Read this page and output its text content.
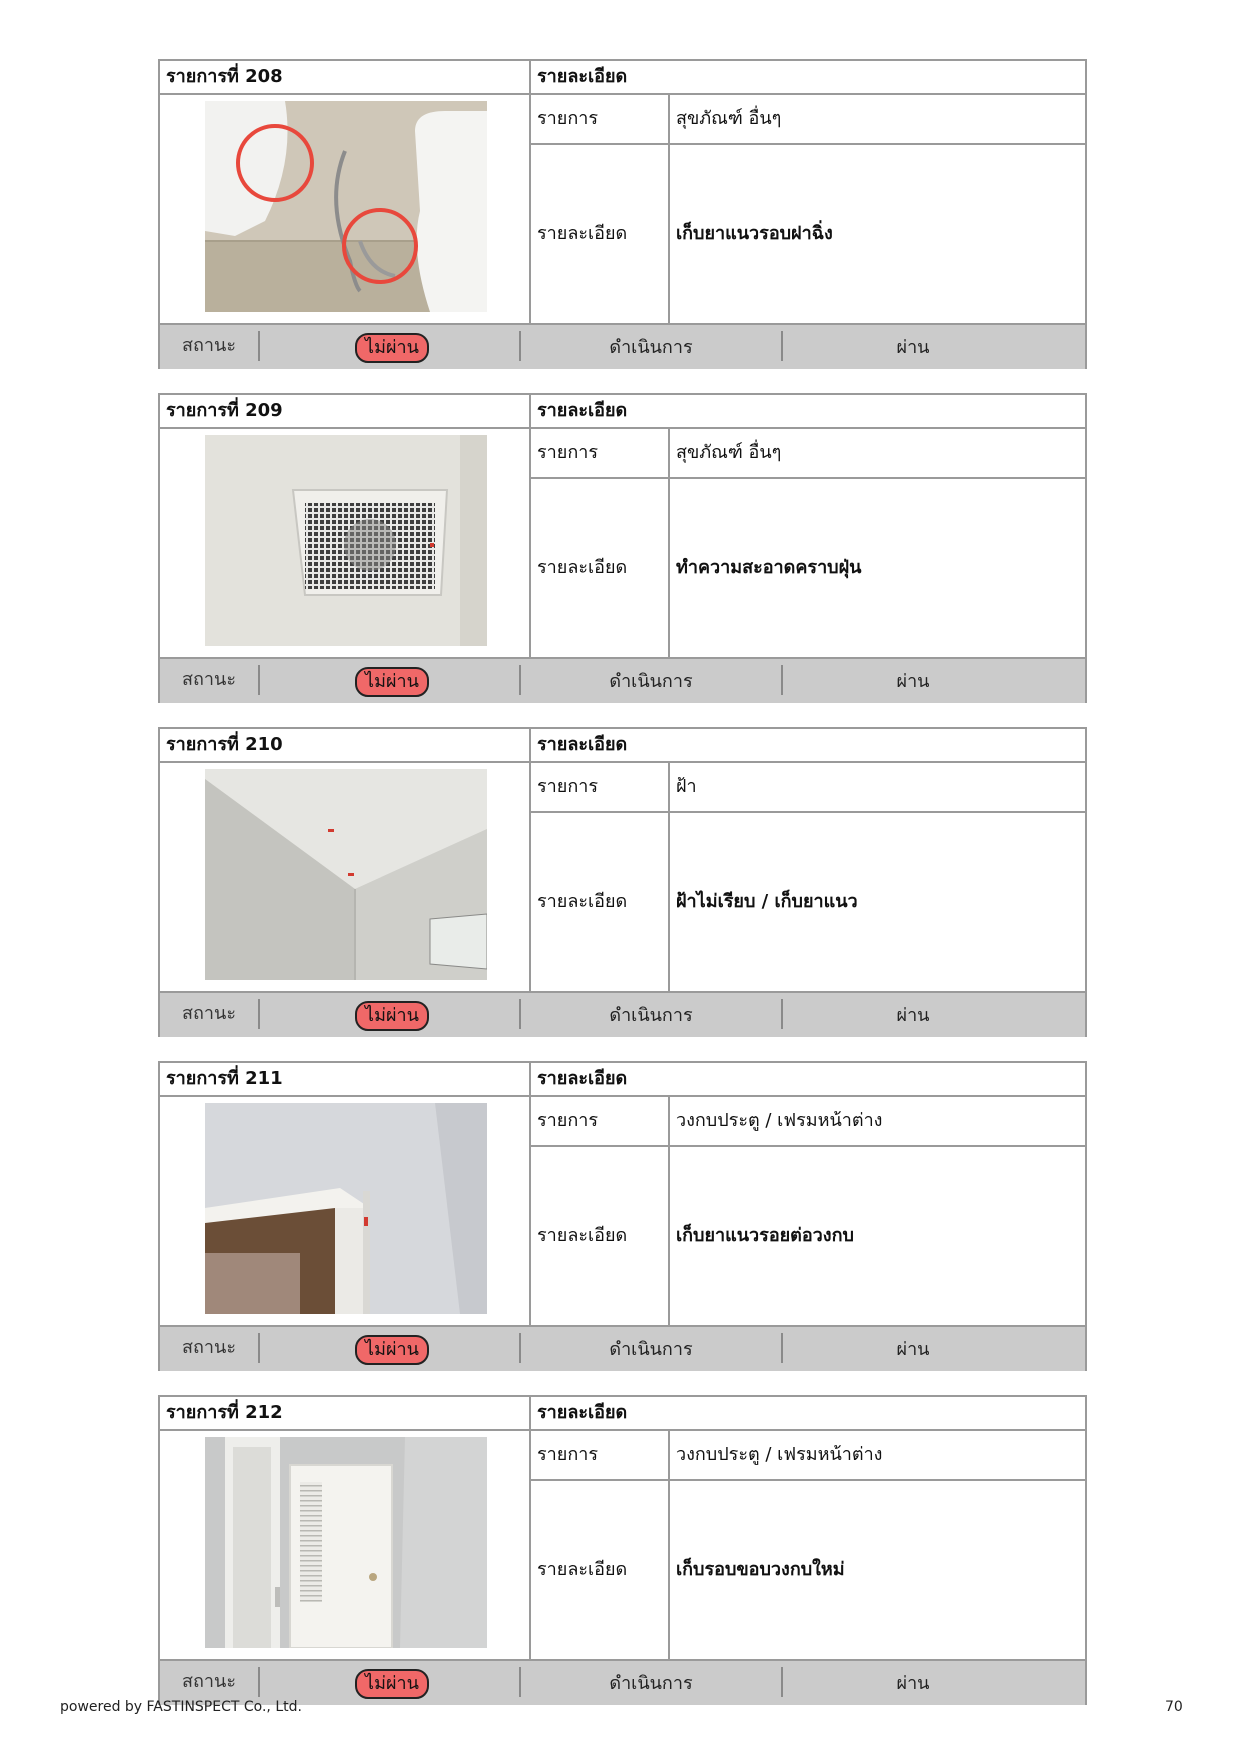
รายการที่ 208	รายละเอียด
รายการ	สุขภัณฑ์ อื่นๆ
รายละเอียด	เก็บยาแนวรอบฝาฉิ่ง
สถานะ	ไม่ผ่าน	ดำเนินการ	ผ่าน
รายการที่ 209	รายละเอียด
รายการ	สุขภัณฑ์ อื่นๆ
รายละเอียด	ทำความสะอาดคราบฝุ่น
สถานะ	ไม่ผ่าน	ดำเนินการ	ผ่าน
รายการที่ 210	รายละเอียด
รายการ	ฝ้า
รายละเอียด	ฝ้าไม่เรียบ / เก็บยาแนว
สถานะ	ไม่ผ่าน	ดำเนินการ	ผ่าน
รายการที่ 211	รายละเอียด
รายการ	วงกบประตู / เฟรมหน้าต่าง
รายละเอียด	เก็บยาแนวรอยต่อวงกบ
สถานะ	ไม่ผ่าน	ดำเนินการ	ผ่าน
รายการที่ 212	รายละเอียด
รายการ	วงกบประตู / เฟรมหน้าต่าง
รายละเอียด	เก็บรอบขอบวงกบใหม่
สถานะ	ไม่ผ่าน	ดำเนินการ	ผ่าน
powered by FASTINSPECT Co., Ltd.	70
